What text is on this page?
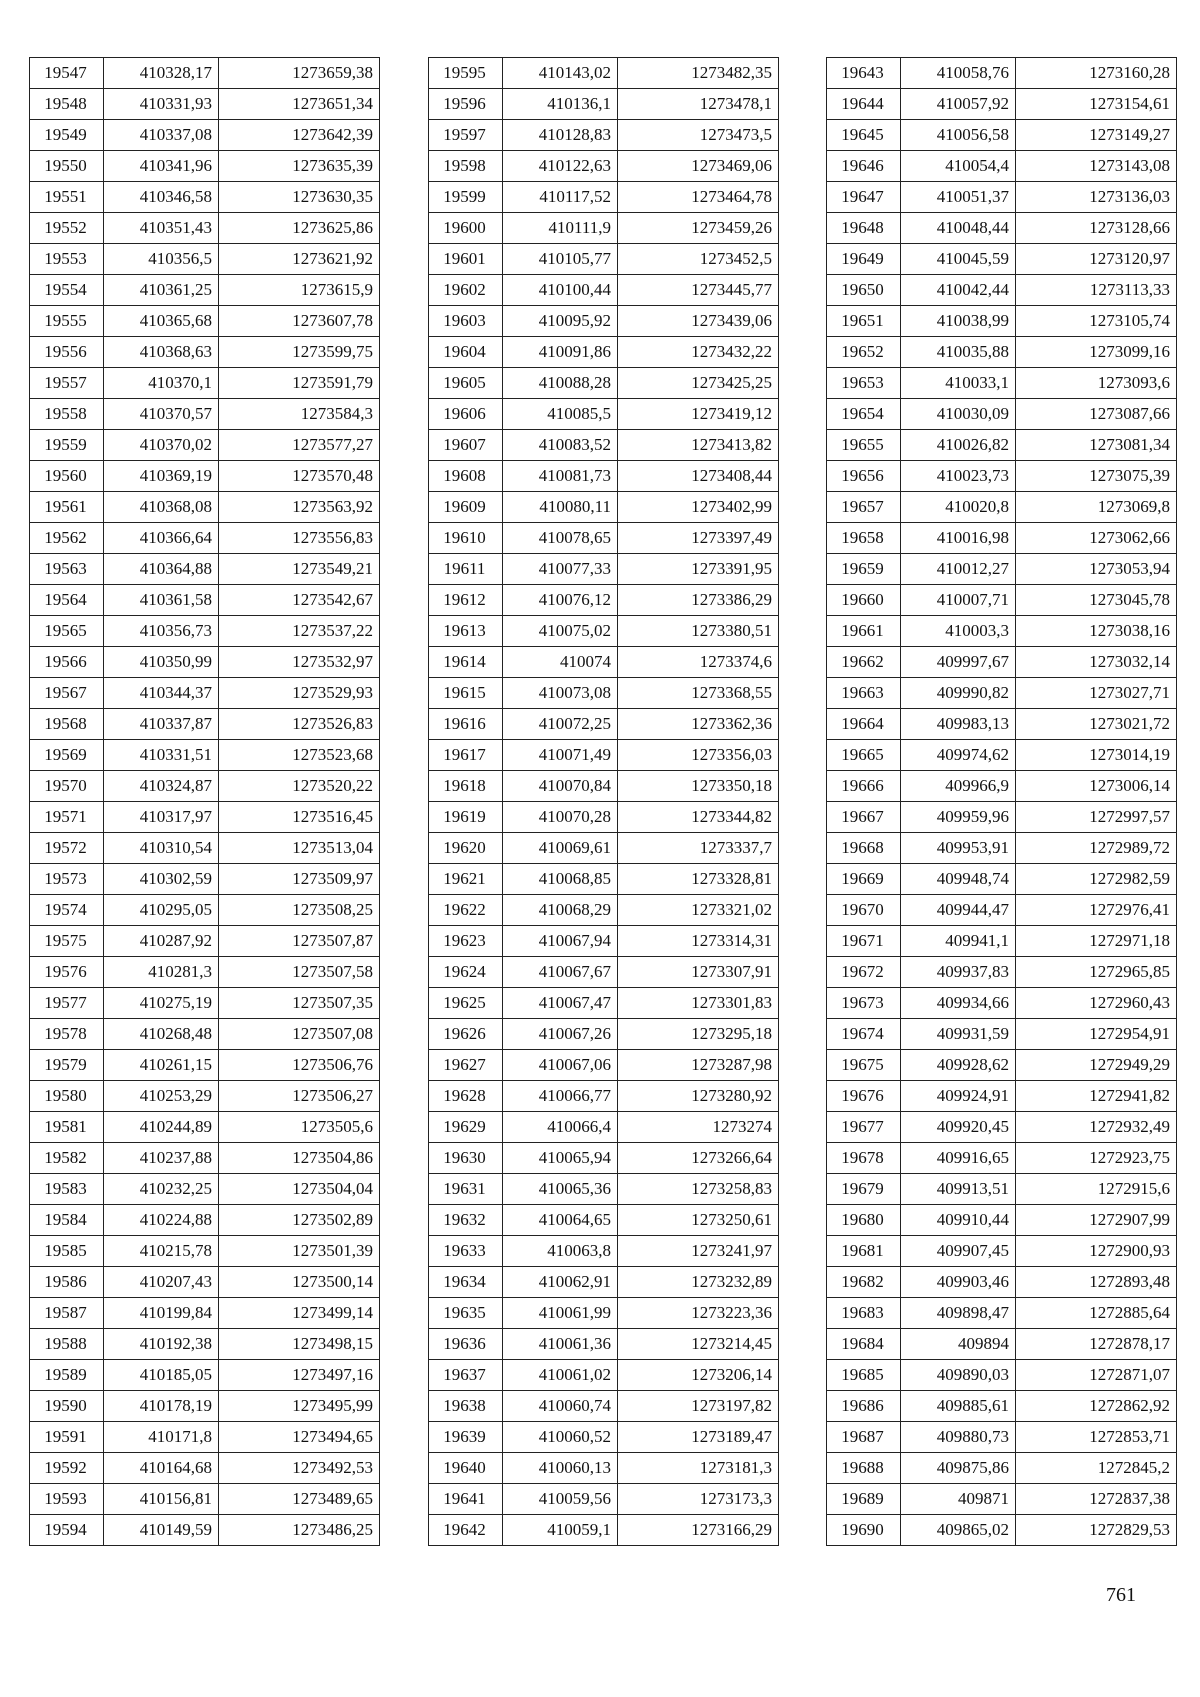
19547	410328,17	1273659,38
19548	410331,93	1273651,34
19549	410337,08	1273642,39
19550	410341,96	1273635,39
19551	410346,58	1273630,35
19552	410351,43	1273625,86
19553	410356,5	1273621,92
19554	410361,25	1273615,9
19555	410365,68	1273607,78
19556	410368,63	1273599,75
19557	410370,1	1273591,79
19558	410370,57	1273584,3
19559	410370,02	1273577,27
19560	410369,19	1273570,48
19561	410368,08	1273563,92
19562	410366,64	1273556,83
19563	410364,88	1273549,21
19564	410361,58	1273542,67
19565	410356,73	1273537,22
19566	410350,99	1273532,97
19567	410344,37	1273529,93
19568	410337,87	1273526,83
19569	410331,51	1273523,68
19570	410324,87	1273520,22
19571	410317,97	1273516,45
19572	410310,54	1273513,04
19573	410302,59	1273509,97
19574	410295,05	1273508,25
19575	410287,92	1273507,87
19576	410281,3	1273507,58
19577	410275,19	1273507,35
19578	410268,48	1273507,08
19579	410261,15	1273506,76
19580	410253,29	1273506,27
19581	410244,89	1273505,6
19582	410237,88	1273504,86
19583	410232,25	1273504,04
19584	410224,88	1273502,89
19585	410215,78	1273501,39
19586	410207,43	1273500,14
19587	410199,84	1273499,14
19588	410192,38	1273498,15
19589	410185,05	1273497,16
19590	410178,19	1273495,99
19591	410171,8	1273494,65
19592	410164,68	1273492,53
19593	410156,81	1273489,65
19594	410149,59	1273486,25
19595	410143,02	1273482,35
19596	410136,1	1273478,1
19597	410128,83	1273473,5
19598	410122,63	1273469,06
19599	410117,52	1273464,78
19600	410111,9	1273459,26
19601	410105,77	1273452,5
19602	410100,44	1273445,77
19603	410095,92	1273439,06
19604	410091,86	1273432,22
19605	410088,28	1273425,25
19606	410085,5	1273419,12
19607	410083,52	1273413,82
19608	410081,73	1273408,44
19609	410080,11	1273402,99
19610	410078,65	1273397,49
19611	410077,33	1273391,95
19612	410076,12	1273386,29
19613	410075,02	1273380,51
19614	410074	1273374,6
19615	410073,08	1273368,55
19616	410072,25	1273362,36
19617	410071,49	1273356,03
19618	410070,84	1273350,18
19619	410070,28	1273344,82
19620	410069,61	1273337,7
19621	410068,85	1273328,81
19622	410068,29	1273321,02
19623	410067,94	1273314,31
19624	410067,67	1273307,91
19625	410067,47	1273301,83
19626	410067,26	1273295,18
19627	410067,06	1273287,98
19628	410066,77	1273280,92
19629	410066,4	1273274
19630	410065,94	1273266,64
19631	410065,36	1273258,83
19632	410064,65	1273250,61
19633	410063,8	1273241,97
19634	410062,91	1273232,89
19635	410061,99	1273223,36
19636	410061,36	1273214,45
19637	410061,02	1273206,14
19638	410060,74	1273197,82
19639	410060,52	1273189,47
19640	410060,13	1273181,3
19641	410059,56	1273173,3
19642	410059,1	1273166,29
19643	410058,76	1273160,28
19644	410057,92	1273154,61
19645	410056,58	1273149,27
19646	410054,4	1273143,08
19647	410051,37	1273136,03
19648	410048,44	1273128,66
19649	410045,59	1273120,97
19650	410042,44	1273113,33
19651	410038,99	1273105,74
19652	410035,88	1273099,16
19653	410033,1	1273093,6
19654	410030,09	1273087,66
19655	410026,82	1273081,34
19656	410023,73	1273075,39
19657	410020,8	1273069,8
19658	410016,98	1273062,66
19659	410012,27	1273053,94
19660	410007,71	1273045,78
19661	410003,3	1273038,16
19662	409997,67	1273032,14
19663	409990,82	1273027,71
19664	409983,13	1273021,72
19665	409974,62	1273014,19
19666	409966,9	1273006,14
19667	409959,96	1272997,57
19668	409953,91	1272989,72
19669	409948,74	1272982,59
19670	409944,47	1272976,41
19671	409941,1	1272971,18
19672	409937,83	1272965,85
19673	409934,66	1272960,43
19674	409931,59	1272954,91
19675	409928,62	1272949,29
19676	409924,91	1272941,82
19677	409920,45	1272932,49
19678	409916,65	1272923,75
19679	409913,51	1272915,6
19680	409910,44	1272907,99
19681	409907,45	1272900,93
19682	409903,46	1272893,48
19683	409898,47	1272885,64
19684	409894	1272878,17
19685	409890,03	1272871,07
19686	409885,61	1272862,92
19687	409880,73	1272853,71
19688	409875,86	1272845,2
19689	409871	1272837,38
19690	409865,02	1272829,53
761
